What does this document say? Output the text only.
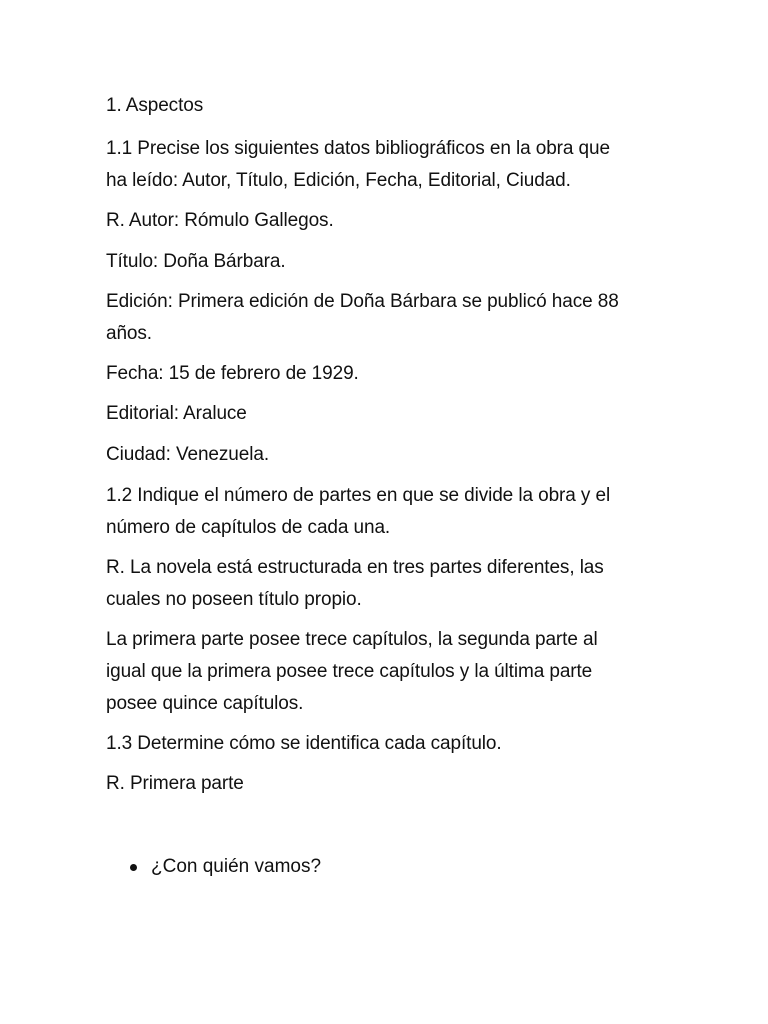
1. Aspectos

1.1 Precise los siguientes datos bibliográficos en la obra que

ha leído: Autor, Título, Edición, Fecha, Editorial, Ciudad.

R. Autor: Rómulo Gallegos.

Título: Doña Bárbara.

Edición: Primera edición de Doña Bárbara se publicó hace 88

años.

Fecha: 15 de febrero de 1929.

Editorial: Araluce

Ciudad: Venezuela.

1.2 Indique el número de partes en que se divide la obra y el

número de capítulos de cada una.

R. La novela está estructurada en tres partes diferentes, las

cuales no poseen título propio.

La primera parte posee trece capítulos, la segunda parte al

igual que la primera posee trece capítulos y la última parte

posee quince capítulos.

1.3 Determine cómo se identifica cada capítulo.

R. Primera parte

¿Con quién vamos?
